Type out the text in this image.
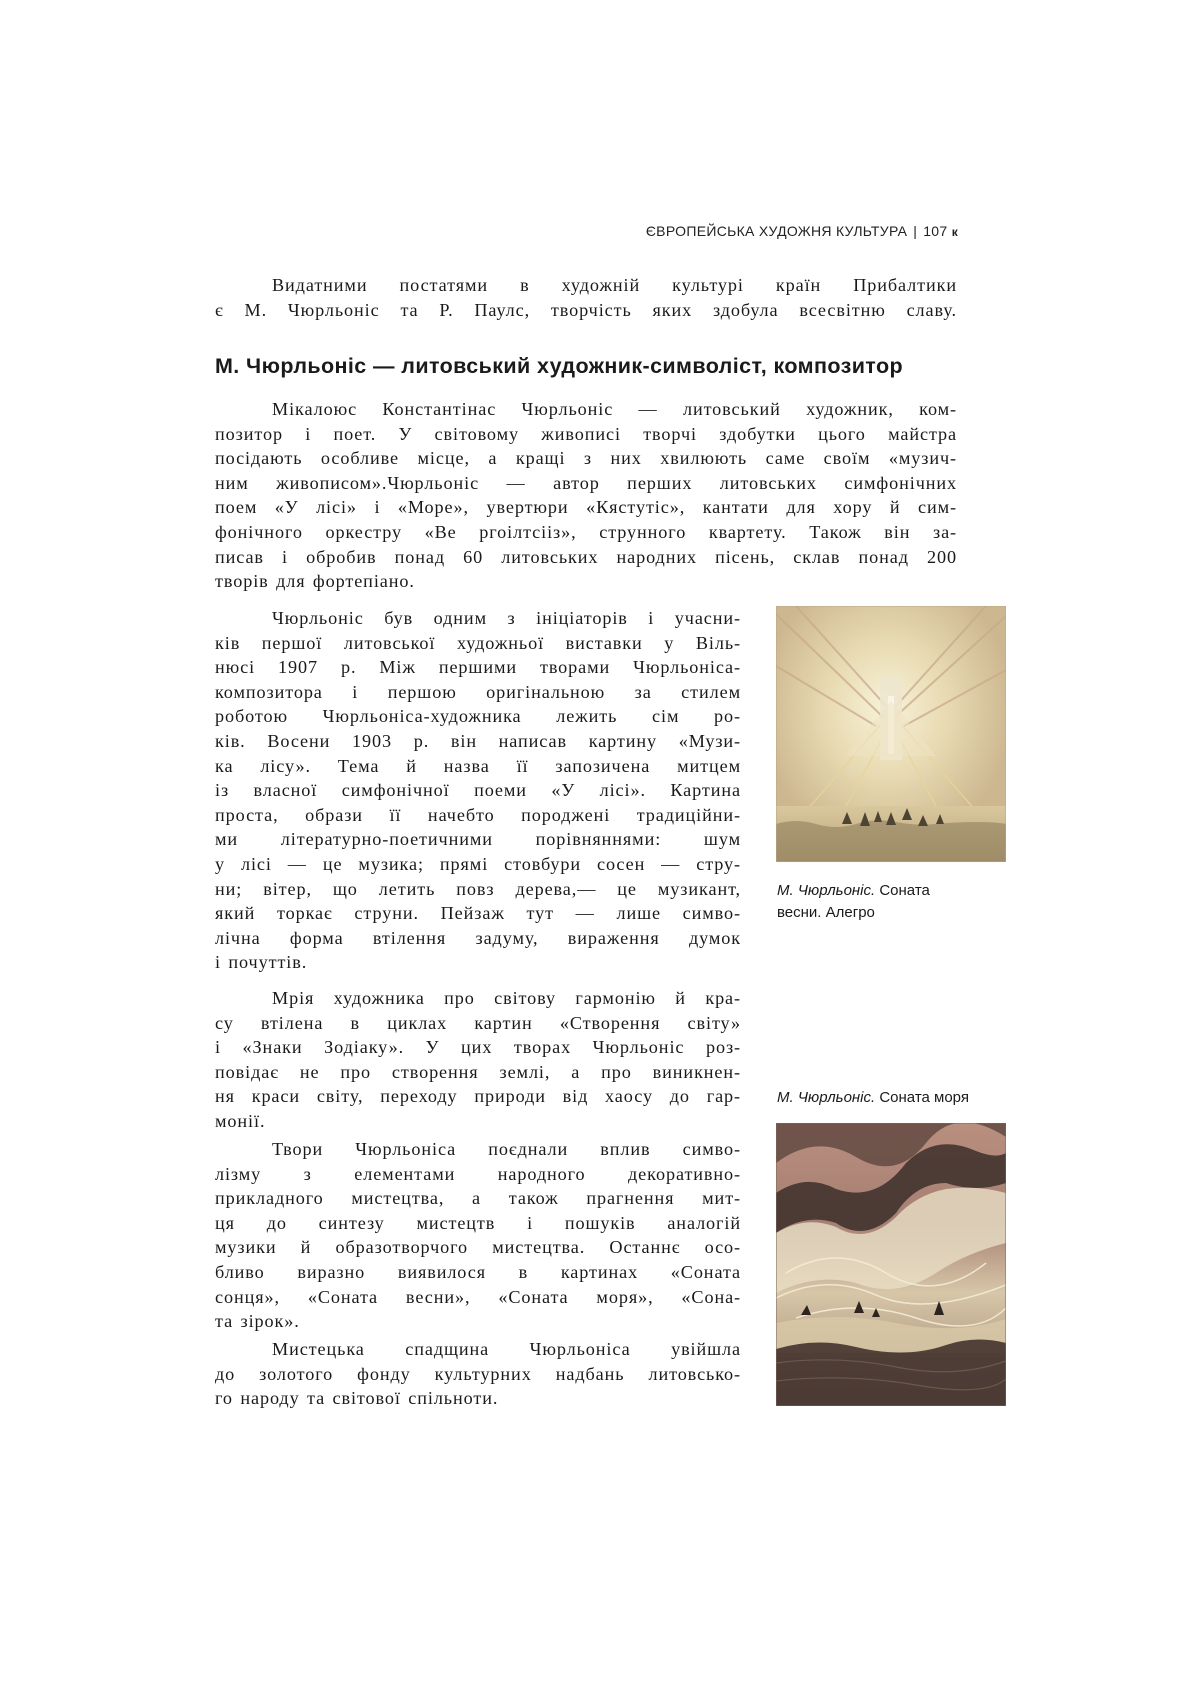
ЄВРОПЕЙСЬКА ХУДОЖНЯ КУЛЬТУРА | 107 к
Видатними постатями в художній культурі країн Прибалтики
є М. Чюрльоніс та Р. Паулс, творчість яких здобула всесвітню славу.
М. Чюрльоніс — литовський художник-символіст, композитор
Мікалоюс Константінас Чюрльоніс — литовський художник, ком-
позитор і поет. У світовому живописі творчі здобутки цього майстра
посідають особливе місце, а кращі з них хвилюють саме своїм «музич-
ним живописом».Чюрльоніс — автор перших литовських симфонічних
поем «У лісі» і «Море», увертюри «Кястутіс», кантати для хору й сим-
фонічного оркестру «Ве ргоілтсііз», струнного квартету. Також він за-
писав і обробив понад 60 литовських народних пісень, склав понад 200
творів для фортепіано.
Чюрльоніс був одним з ініціаторів і учасни-
ків першої литовської художньої виставки у Віль-
нюсі 1907 р. Між першими творами Чюрльоніса-
композитора і першою оригінальною за стилем
роботою Чюрльоніса-художника лежить сім ро-
ків. Восени 1903 р. він написав картину «Музи-
ка лісу». Тема й назва її запозичена митцем
із власної симфонічної поеми «У лісі». Картина
проста, образи її начебто породжені традиційни-
ми літературно-поетичними порівняннями: шум
у лісі — це музика; прямі стовбури сосен — стру-
ни; вітер, що летить повз дерева,— це музикант,
який торкає струни. Пейзаж тут — лише симво-
лічна форма втілення задуму, вираження думок
і почуттів.
Мрія художника про світову гармонію й кра-
су втілена в циклах картин «Створення світу»
і «Знаки Зодіаку». У цих творах Чюрльоніс роз-
повідає не про створення землі, а про виникнен-
ня краси світу, переходу природи від хаосу до гар-
монії.
Твори Чюрльоніса поєднали вплив симво-
лізму з елементами народного декоративно-
прикладного мистецтва, а також прагнення мит-
ця до синтезу мистецтв і пошуків аналогій
музики й образотворчого мистецтва. Останнє осо-
бливо виразно виявилося в картинах «Соната
сонця», «Соната весни», «Соната моря», «Сона-
та зірок».
Мистецька спадщина Чюрльоніса увійшла
до золотого фонду культурних надбань литовсько-
го народу та світової спільноти.
М. Чюрльоніс. Соната
весни. Алегро
М. Чюрльоніс. Соната моря
